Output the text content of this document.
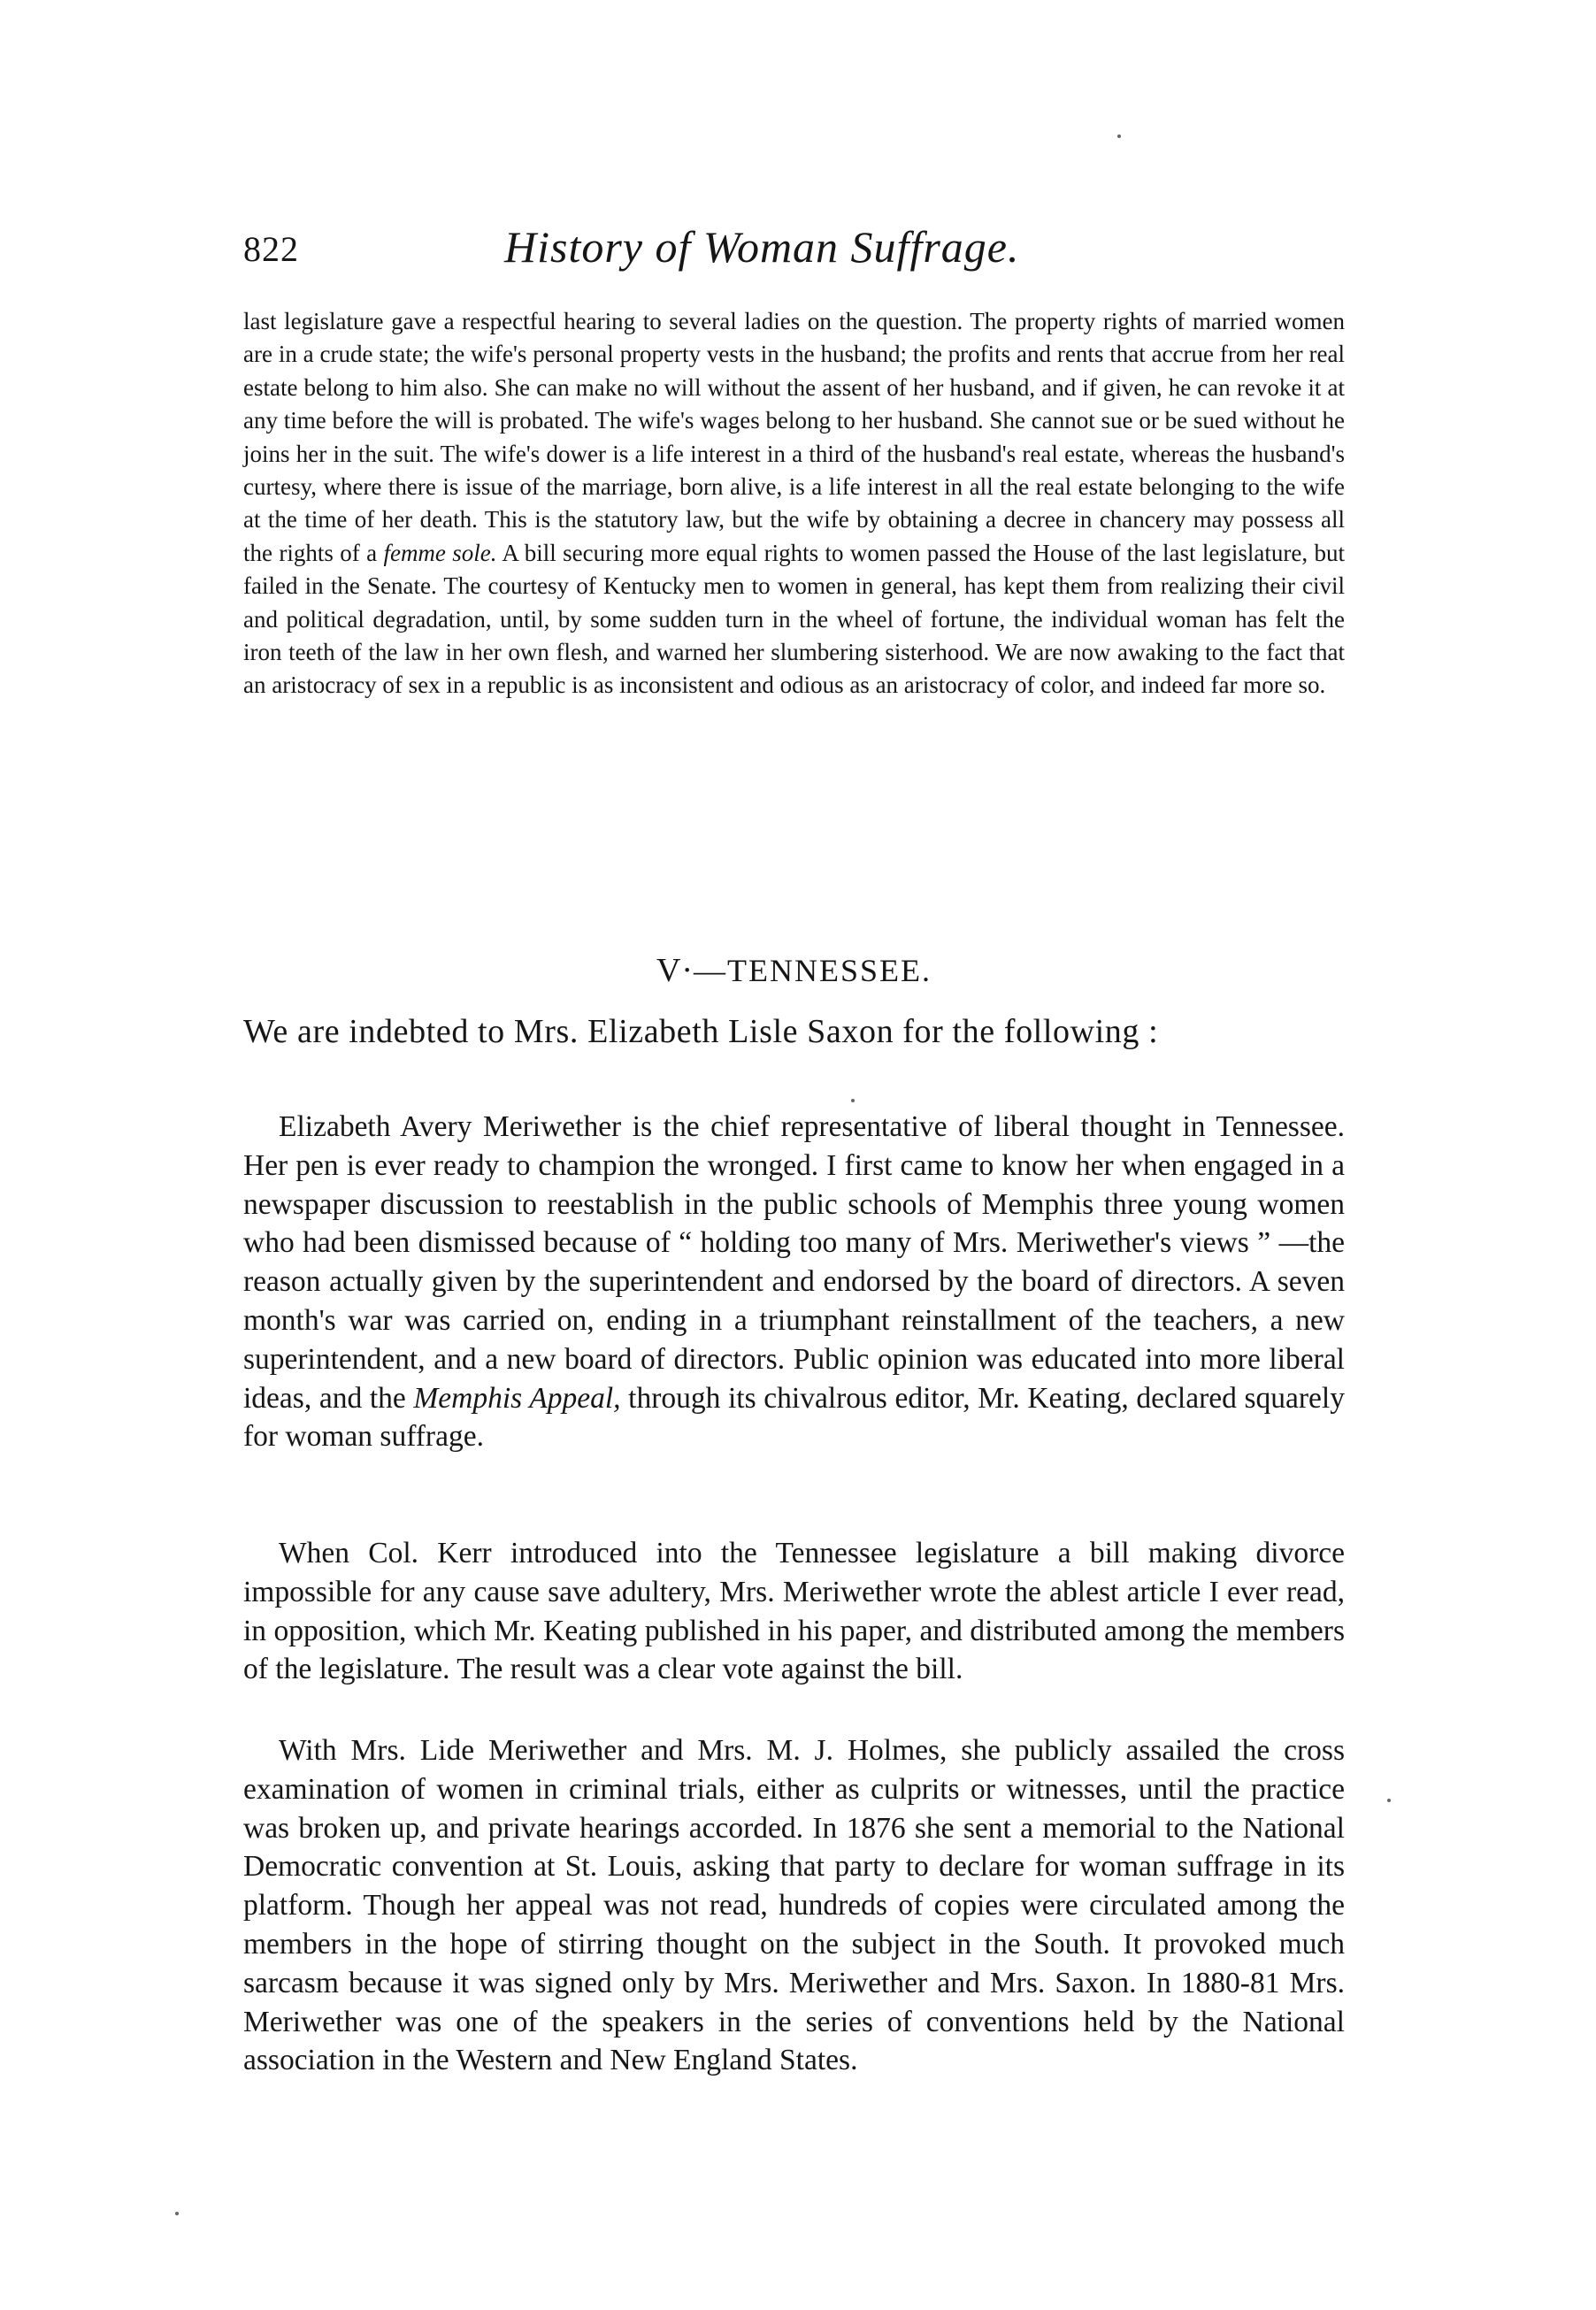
822	History of Woman Suffrage.

last legislature gave a respectful hearing to several ladies on the question. The property rights of married women are in a crude state; the wife's personal property vests in the husband; the profits and rents that accrue from her real estate belong to him also. She can make no will without the assent of her husband, and if given, he can revoke it at any time before the will is probated. The wife's wages belong to her husband. She cannot sue or be sued without he joins her in the suit. The wife's dower is a life interest in a third of the husband's real estate, whereas the husband's curtesy, where there is issue of the marriage, born alive, is a life interest in all the real estate belonging to the wife at the time of her death. This is the statutory law, but the wife by obtaining a decree in chancery may possess all the rights of a femme sole. A bill securing more equal rights to women passed the House of the last legislature, but failed in the Senate. The courtesy of Kentucky men to women in general, has kept them from realizing their civil and political degradation, until, by some sudden turn in the wheel of fortune, the individual woman has felt the iron teeth of the law in her own flesh, and warned her slumbering sisterhood. We are now awaking to the fact that an aristocracy of sex in a republic is as inconsistent and odious as an aristocracy of color, and indeed far more so.

V·—TENNESSEE.

We are indebted to Mrs. Elizabeth Lisle Saxon for the following :

Elizabeth Avery Meriwether is the chief representative of liberal thought in Tennessee. Her pen is ever ready to champion the wronged. I first came to know her when engaged in a newspaper discussion to reestablish in the public schools of Memphis three young women who had been dismissed because of “ holding too many of Mrs. Meriwether's views ” —the reason actually given by the superintendent and endorsed by the board of directors. A seven month's war was carried on, ending in a triumphant reinstallment of the teachers, a new superintendent, and a new board of directors. Public opinion was educated into more liberal ideas, and the Memphis Appeal, through its chivalrous editor, Mr. Keating, declared squarely for woman suffrage.

When Col. Kerr introduced into the Tennessee legislature a bill making divorce impossible for any cause save adultery, Mrs. Meriwether wrote the ablest article I ever read, in opposition, which Mr. Keating published in his paper, and distributed among the members of the legislature. The result was a clear vote against the bill.

With Mrs. Lide Meriwether and Mrs. M. J. Holmes, she publicly assailed the cross examination of women in criminal trials, either as culprits or witnesses, until the practice was broken up, and private hearings accorded. In 1876 she sent a memorial to the National Democratic convention at St. Louis, asking that party to declare for woman suffrage in its platform. Though her appeal was not read, hundreds of copies were circulated among the members in the hope of stirring thought on the subject in the South. It provoked much sarcasm because it was signed only by Mrs. Meriwether and Mrs. Saxon. In 1880-81 Mrs. Meriwether was one of the speakers in the series of conventions held by the National association in the Western and New England States.
